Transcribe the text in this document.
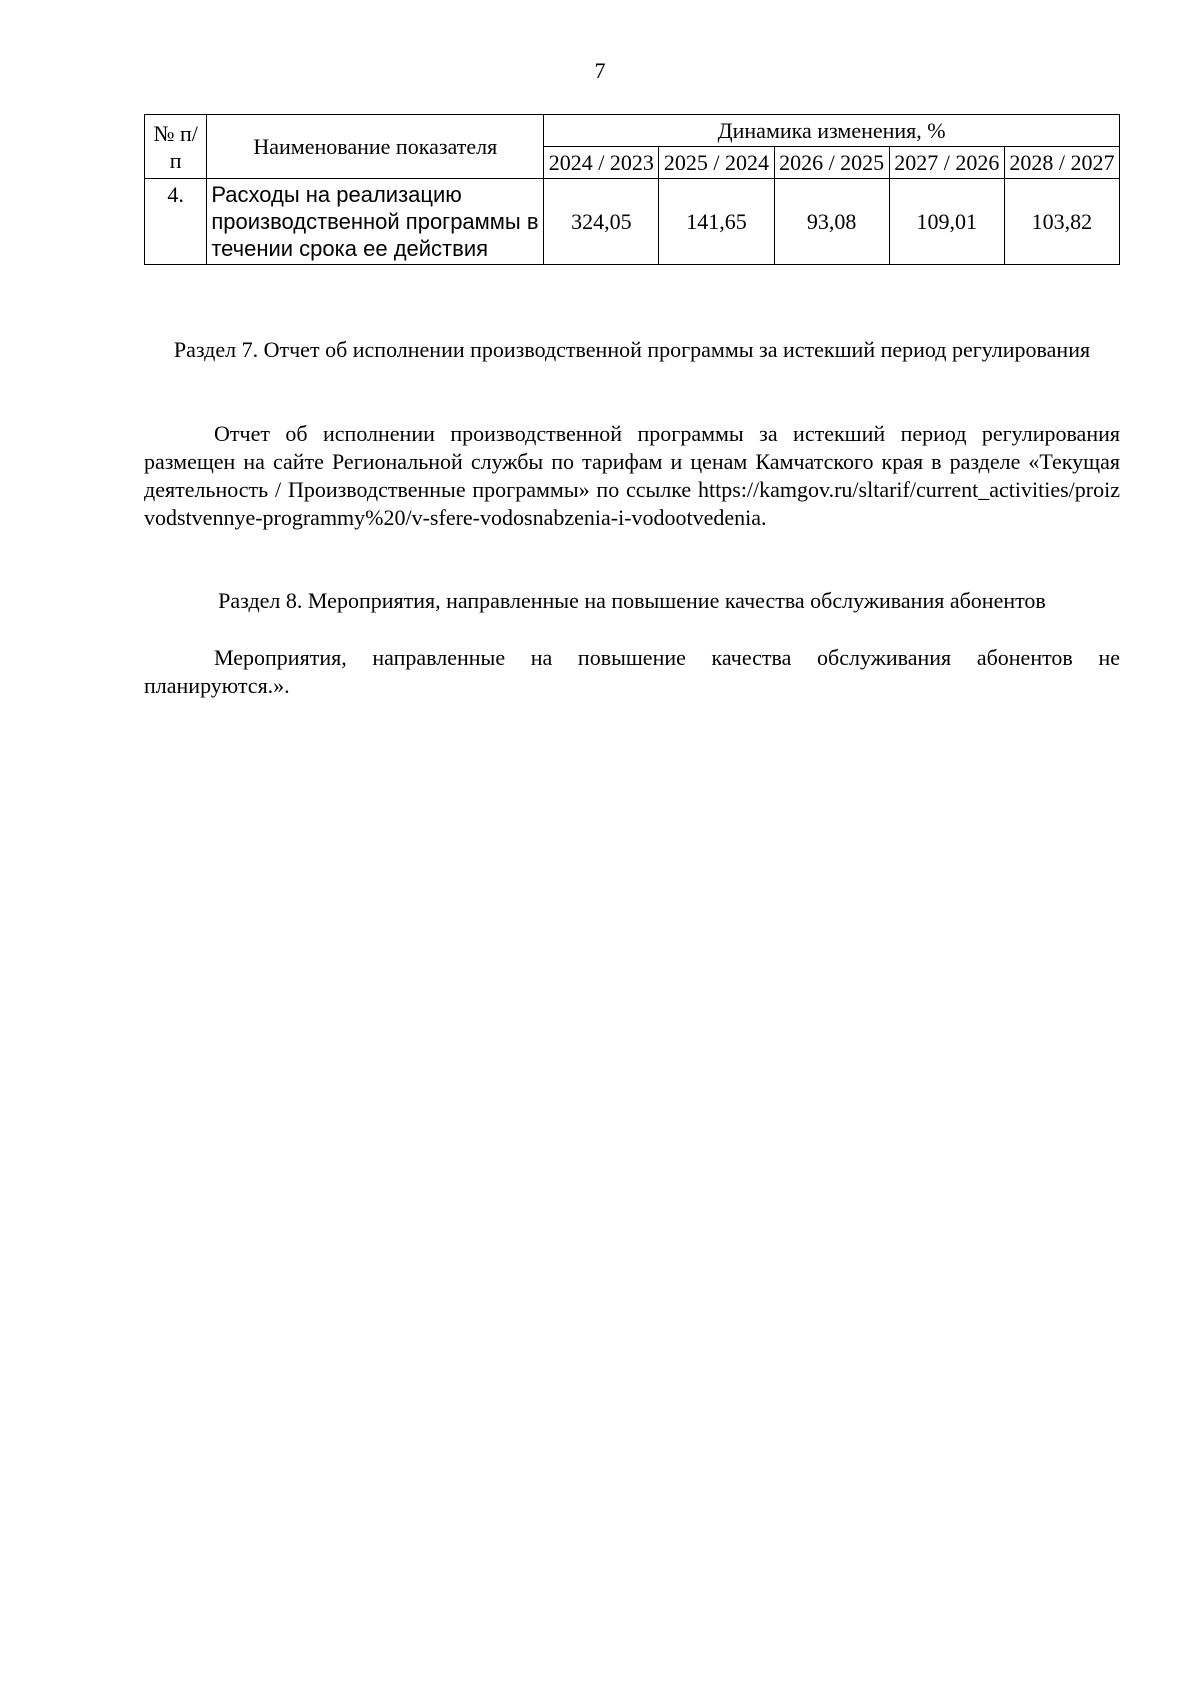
7
№ п/п	Наименование показателя	Динамика изменения, %				
		2024 / 2023	2025 / 2024	2026 / 2025	2027 / 2026	2028 / 2027
4.	Расходы на реализацию производственной программы в течении срока ее действия	324,05	141,65	93,08	109,01	103,82
Раздел 7. Отчет об исполнении производственной программы за истекший период регулирования
Отчет об исполнении производственной программы за истекший период регулирования размещен на сайте Региональной службы по тарифам и ценам Камчатского края в разделе «Текущая деятельность / Производственные программы» по ссылке https://kamgov.ru/sltarif/current_activities/proizvodstvennye-programmy%20/v-sfere-vodosnabzenia-i-vodootvedenia.
Раздел 8. Мероприятия, направленные на повышение качества обслуживания абонентов
Мероприятия, направленные на повышение качества обслуживания абонентов не планируются.».
